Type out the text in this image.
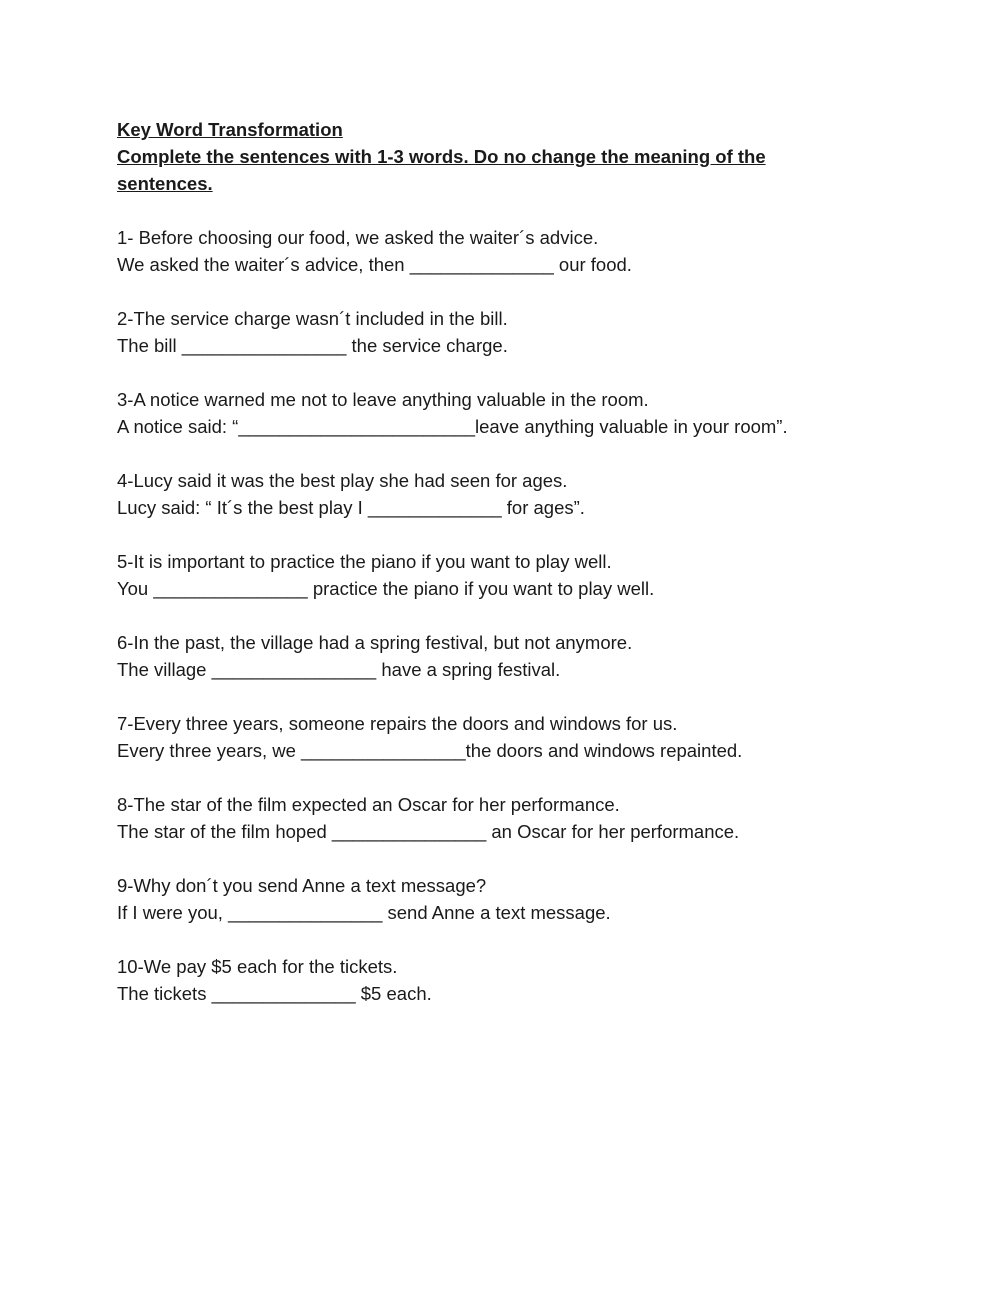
Key Word Transformation

Complete the sentences with 1-3 words. Do no change the meaning of the sentences.

1- Before choosing our food, we asked the waiter´s advice.

We asked the waiter´s advice, then ______________ our food.

2-The service charge wasn´t included in the bill.

The bill ________________ the service charge.

3-A notice warned me not to leave anything valuable in the room.

A notice said: “_______________________leave anything valuable in your room”.

4-Lucy said it was the best play she had seen for ages.

Lucy said: “ It´s the best play I _____________ for ages”.

5-It is important to practice the piano if you want to play well.

You _______________ practice the piano if you want to play well.

6-In the past, the village had a spring festival, but not anymore.

The village ________________ have a spring festival.

7-Every three years, someone repairs the doors and windows for us.

Every three years, we ________________the doors and windows repainted.

8-The star of the film expected an Oscar for her performance.

The star of the film hoped _______________ an Oscar for her performance.

9-Why don´t you send Anne a text message?

If I were you, _______________ send Anne a text message.

10-We pay $5 each for the tickets.

The tickets ______________ $5 each.
